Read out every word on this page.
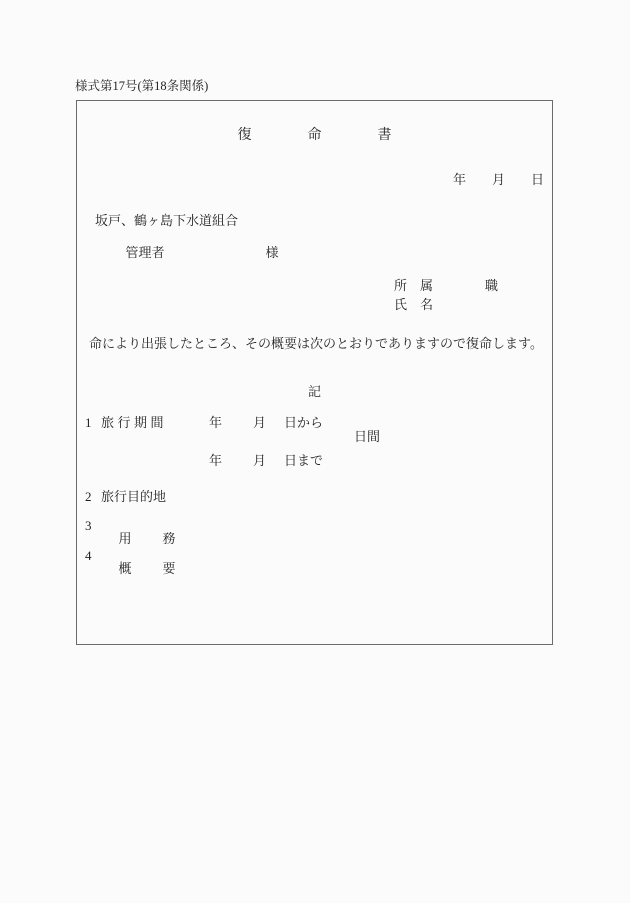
様式第17号(第18条関係)
復	命	書
年　　月　　日
坂戸、鶴ヶ島下水道組合

管理者	様

所　属　　　　職
氏　名
命により出張したところ、その概要は次のとおりでありますので復命します。
記
1 旅行期間	年 月 日から
日間
年 月 日まで
2 旅行目的地
3

用 務

4

概 要
